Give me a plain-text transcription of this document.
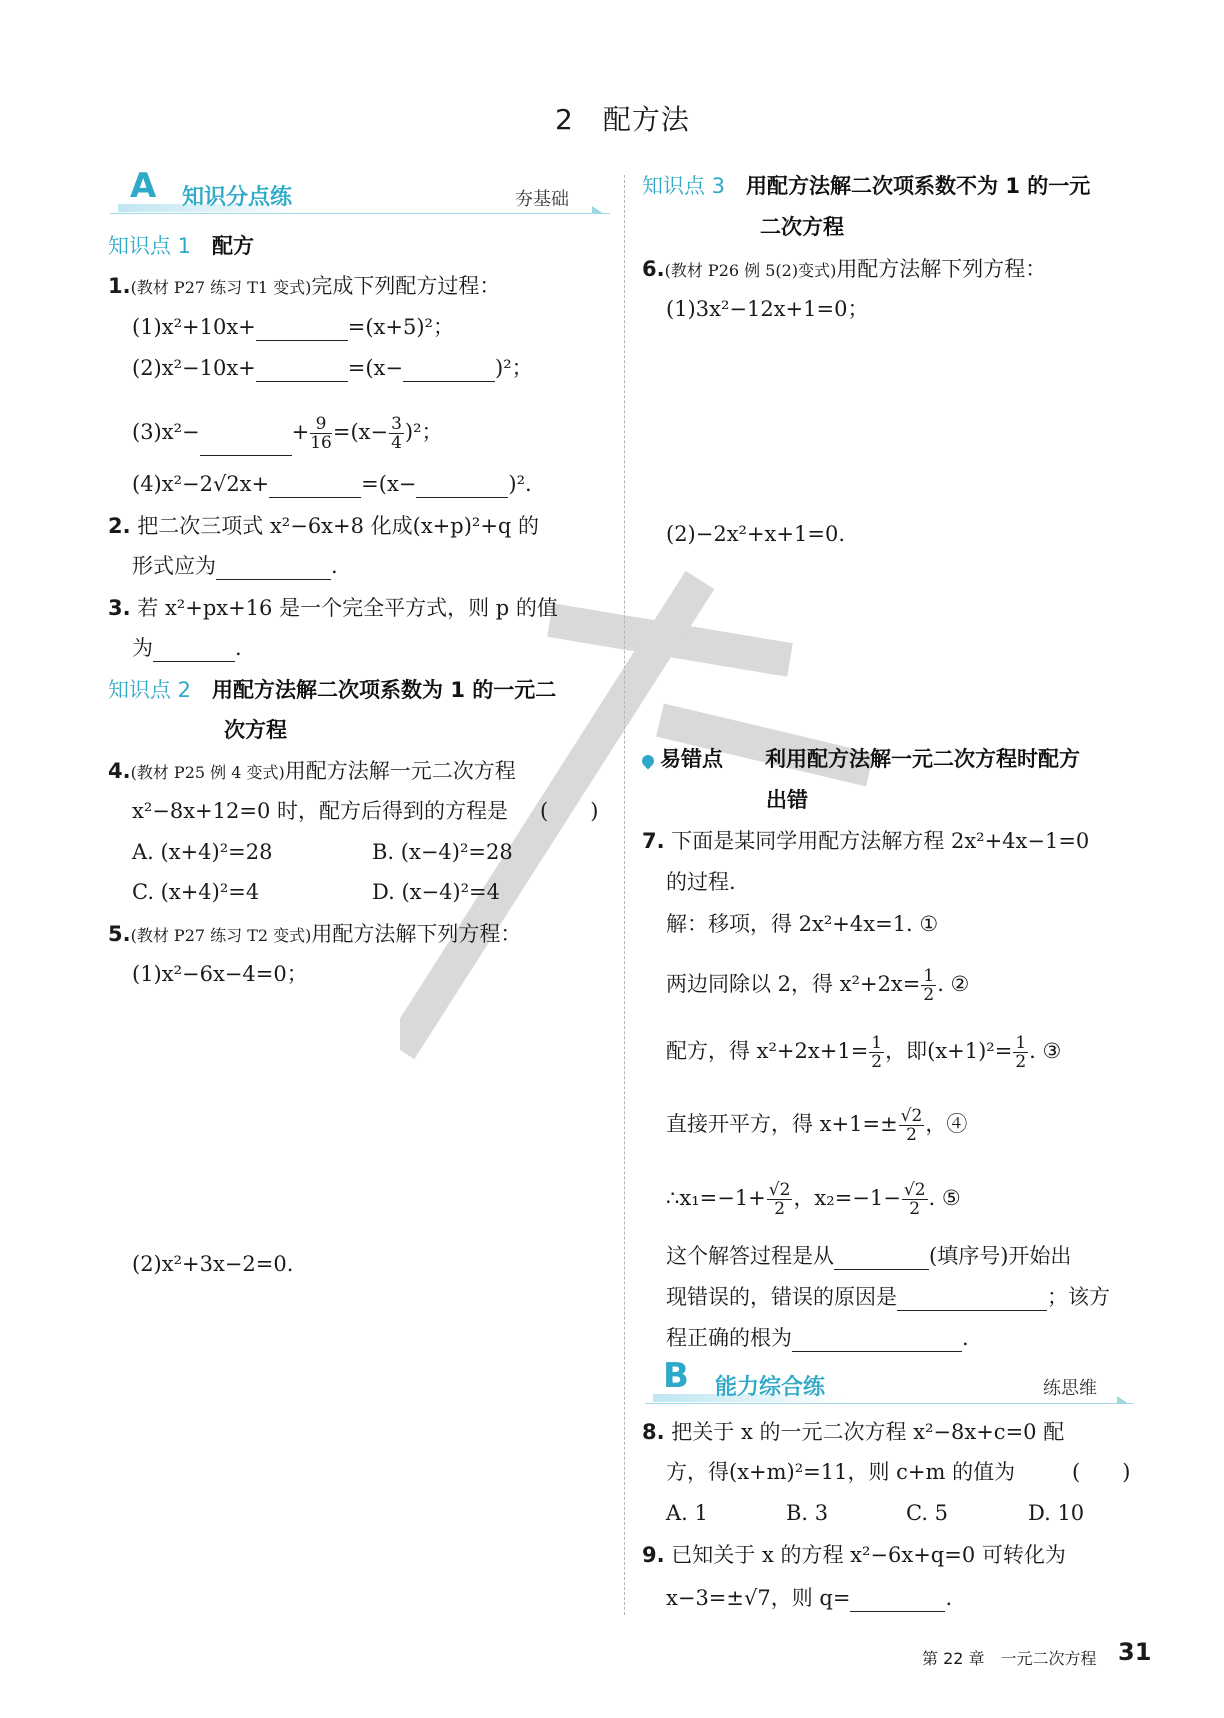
2　配方法
A 知识分点练	夯基础
知识点 1　 配方
1.(教材 P27 练习 T1 变式)完成下列配方过程：
(1)x²+10x+	=(x+5)²；
(2)x²−10x+	=(x−	)²；
(3)x²−	+ $\frac{9}{16} =(x- \frac{3}{4} )^2$；
(4)x²−2√2x+	=(x−	)².
2. 把二次三项式 x²−6x+8 化成(x+p)²+q 的
形式应为	.
3. 若 x²+px+16 是一个完全平方式，则 p 的值
为	.
知识点 2　 用配方法解二次项系数为 1 的一元二
次方程
4.(教材 P25 例 4 变式)用配方法解一元二次方程
x²−8x+12=0 时，配方后得到的方程是 (　　)
A. (x+4)²=28	B. (x−4)²=28
C. (x+4)²=4	D. (x−4)²=4
5.(教材 P27 练习 T2 变式)用配方法解下列方程：
(1)x²−6x−4=0；
(2)x²+3x−2=0.
知识点 3　 用配方法解二次项系数不为 1 的一元
二次方程
6.(教材 P26 例 5(2)变式)用配方法解下列方程：
(1)3x²−12x+1=0；
(2)−2x²+x+1=0.
易错点　　 利用配方法解一元二次方程时配方
出错
7. 下面是某同学用配方法解方程 2x²+4x−1=0
的过程.
解：移项，得 2x²+4x=1. ①
两边同除以 2，得 $x^2+2x= \frac{1}{2}$ . ②
配方，得 $x^2+2x+1= \frac{1}{2}$ ，即$(x+1)^2= \frac{1}{2}$ . ③
直接开平方，得 $x+1=\pm \frac{√2}{2}$ ，④
∴x₁=−1+ $\frac{√2}{2}$ ，$x_2=-1- \frac{√2}{2}$ . ⑤
这个解答过程是从	(填序号)开始出
现错误的，错误的原因是	；该方
程正确的根为	.
B 能力综合练	练思维
8. 把关于 x 的一元二次方程 x²−8x+c=0 配
方，得(x+m)²=11，则 c+m 的值为	(　　)
A. 1	B. 3	C. 5	D. 10
9. 已知关于 x 的方程 x²−6x+q=0 可转化为
x−3=±√7，则 q=	.
第 22 章　一元二次方程 31
